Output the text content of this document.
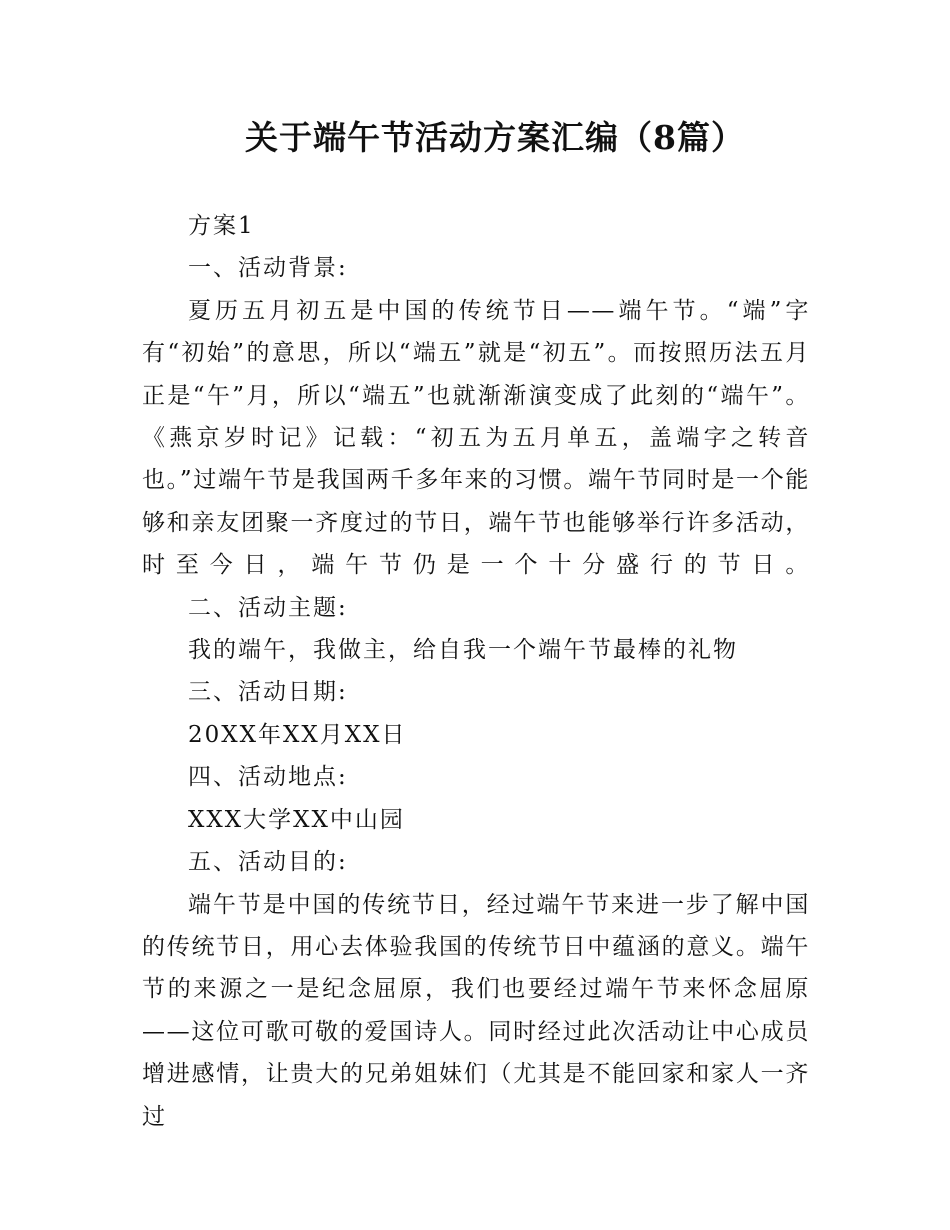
关于端午节活动方案汇编（8篇）

方案1

一、活动背景:

夏历五月初五是中国的传统节日——端午节。“端”字有“初始”的意思，所以“端五”就是“初五”。而按照历法五月正是“午”月，所以“端五”也就渐渐演变成了此刻的“端午”。《燕京岁时记》记载：“初五为五月单五，盖端字之转音也。”过端午节是我国两千多年来的习惯。端午节同时是一个能够和亲友团聚一齐度过的节日，端午节也能够举行许多活动，时至今日，端午节仍是一个十分盛行的节日。

二、活动主题:

我的端午，我做主，给自我一个端午节最棒的礼物

三、活动日期:

20XX年XX月XX日

四、活动地点:

XXX大学XX中山园

五、活动目的:

端午节是中国的传统节日，经过端午节来进一步了解中国的传统节日，用心去体验我国的传统节日中蕴涵的意义。端午节的来源之一是纪念屈原，我们也要经过端午节来怀念屈原——这位可歌可敬的爱国诗人。同时经过此次活动让中心成员增进感情，让贵大的兄弟姐妹们（尤其是不能回家和家人一齐过
